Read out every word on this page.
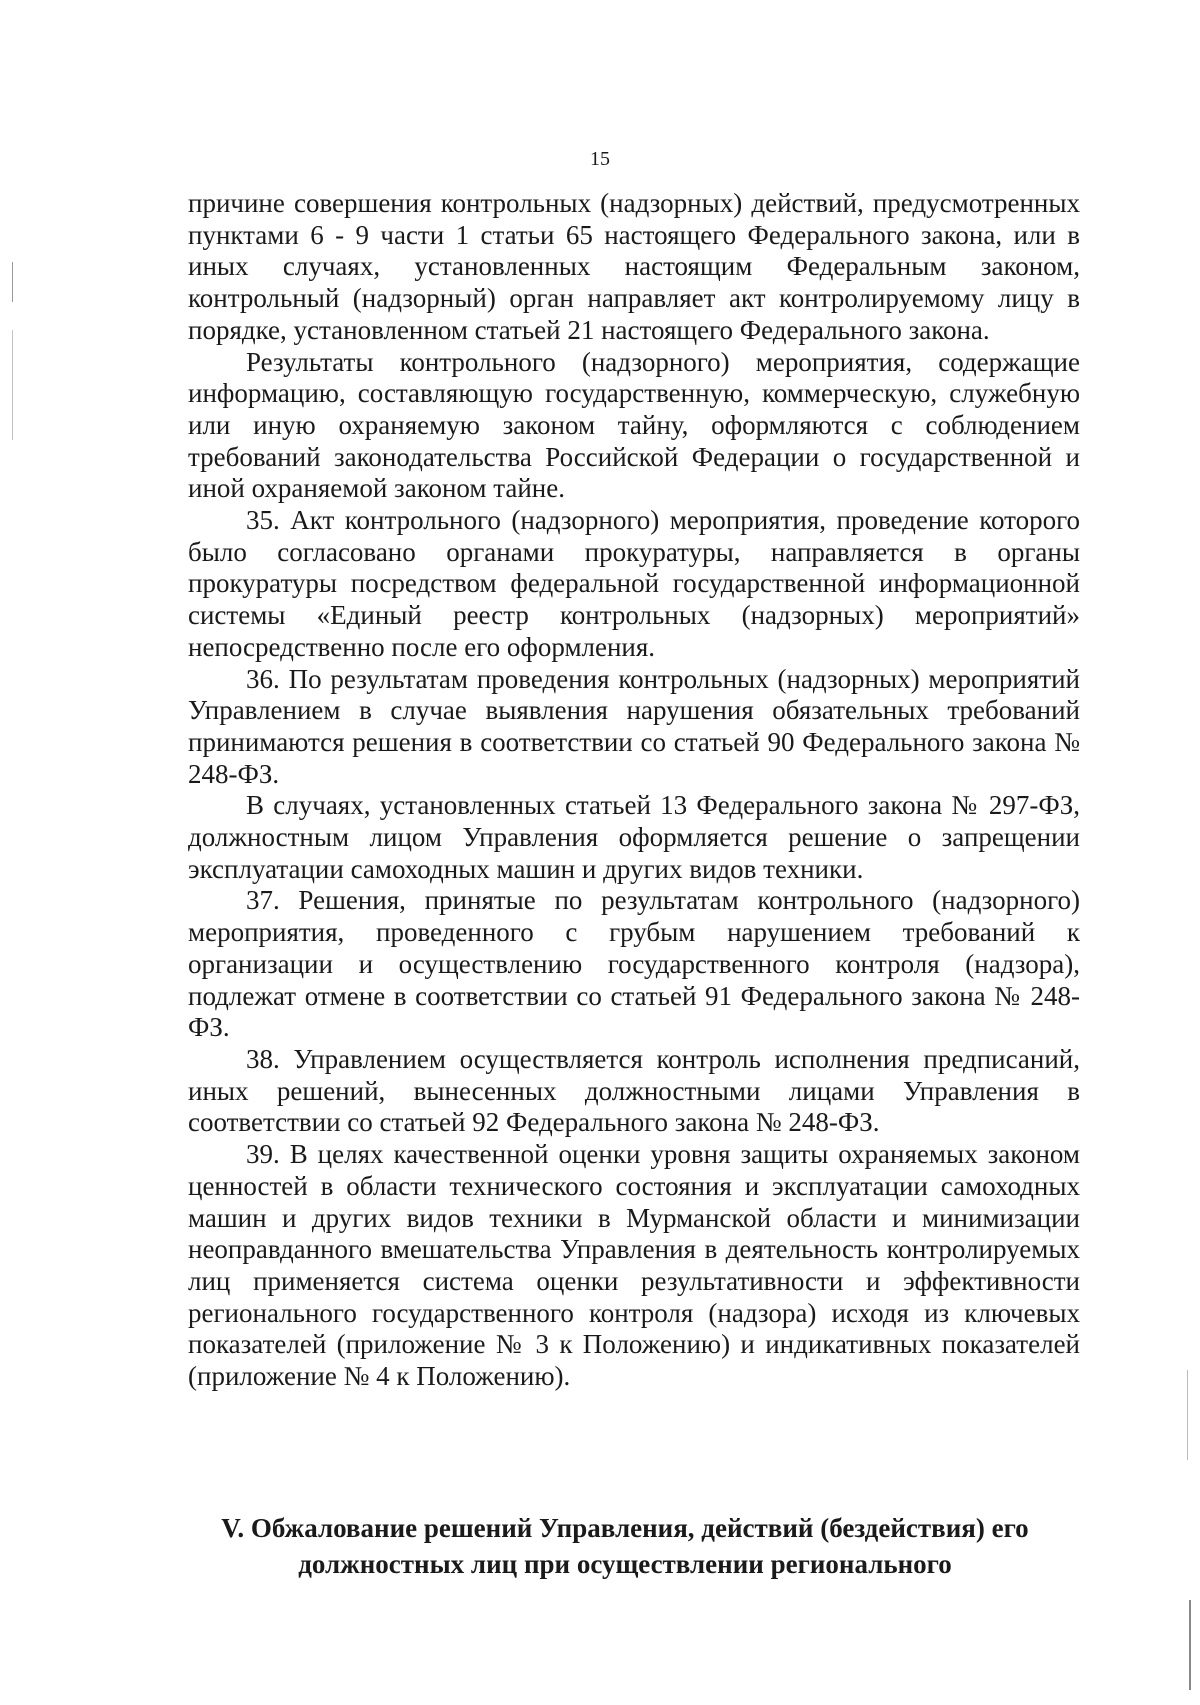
15

причине совершения контрольных (надзорных) действий, предусмотренных пунктами 6 - 9 части 1 статьи 65 настоящего Федерального закона, или в иных случаях, установленных настоящим Федеральным законом, контрольный (надзорный) орган направляет акт контролируемому лицу в порядке, установленном статьей 21 настоящего Федерального закона.

Результаты контрольного (надзорного) мероприятия, содержащие информацию, составляющую государственную, коммерческую, служебную или иную охраняемую законом тайну, оформляются с соблюдением требований законодательства Российской Федерации о государственной и иной охраняемой законом тайне.

35. Акт контрольного (надзорного) мероприятия, проведение которого было согласовано органами прокуратуры, направляется в органы прокуратуры посредством федеральной государственной информационной системы «Единый реестр контрольных (надзорных) мероприятий» непосредственно после его оформления.

36. По результатам проведения контрольных (надзорных) мероприятий Управлением в случае выявления нарушения обязательных требований принимаются решения в соответствии со статьей 90 Федерального закона № 248-ФЗ.

В случаях, установленных статьей 13 Федерального закона № 297-ФЗ, должностным лицом Управления оформляется решение о запрещении эксплуатации самоходных машин и других видов техники.

37. Решения, принятые по результатам контрольного (надзорного) мероприятия, проведенного с грубым нарушением требований к организации и осуществлению государственного контроля (надзора), подлежат отмене в соответствии со статьей 91 Федерального закона № 248-ФЗ.

38. Управлением осуществляется контроль исполнения предписаний, иных решений, вынесенных должностными лицами Управления в соответствии со статьей 92 Федерального закона № 248-ФЗ.

39. В целях качественной оценки уровня защиты охраняемых законом ценностей в области технического состояния и эксплуатации самоходных машин и других видов техники в Мурманской области и минимизации неоправданного вмешательства Управления в деятельность контролируемых лиц применяется система оценки результативности и эффективности регионального государственного контроля (надзора) исходя из ключевых показателей (приложение № 3 к Положению) и индикативных показателей (приложение № 4 к Положению).

V. Обжалование решений Управления, действий (бездействия) его должностных лиц при осуществлении регионального
